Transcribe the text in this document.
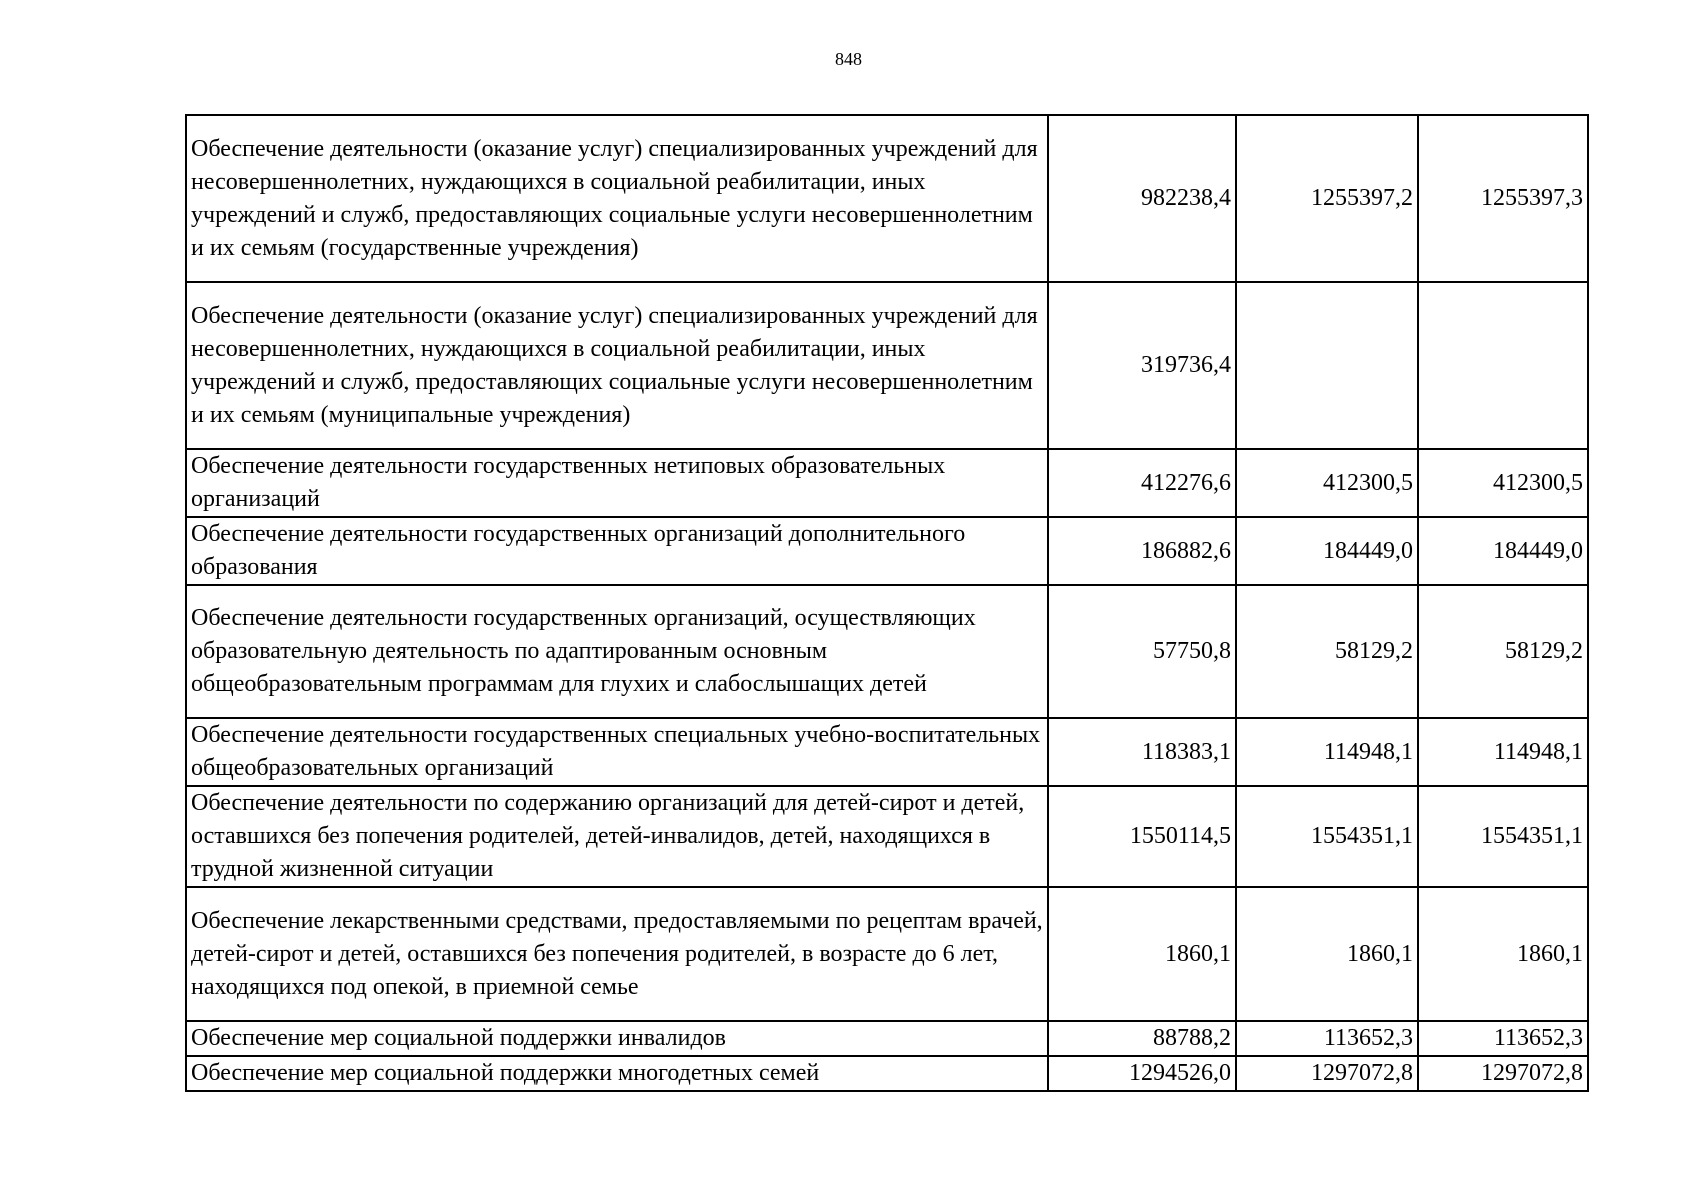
848
Обеспечение деятельности (оказание услуг) специализированных учреждений для несовершеннолетних, нуждающихся в социальной реабилитации, иных учреждений и служб, предоставляющих социальные услуги несовершеннолетним и их семьям (государственные учреждения)	982238,4	1255397,2	1255397,3
Обеспечение деятельности (оказание услуг) специализированных учреждений для несовершеннолетних, нуждающихся в социальной реабилитации, иных учреждений и служб, предоставляющих социальные услуги несовершеннолетним и их семьям (муниципальные учреждения)	319736,4		
Обеспечение деятельности государственных нетиповых образовательных организаций	412276,6	412300,5	412300,5
Обеспечение деятельности государственных организаций дополнительного образования	186882,6	184449,0	184449,0
Обеспечение деятельности государственных организаций, осуществляющих образовательную деятельность по адаптированным основным общеобразовательным программам для глухих и слабослышащих детей	57750,8	58129,2	58129,2
Обеспечение деятельности государственных специальных учебно-воспитательных общеобразовательных организаций	118383,1	114948,1	114948,1
Обеспечение деятельности по содержанию организаций для детей-сирот и детей, оставшихся без попечения родителей, детей-инвалидов, детей, находящихся в трудной жизненной ситуации	1550114,5	1554351,1	1554351,1
Обеспечение лекарственными средствами, предоставляемыми по рецептам врачей, детей-сирот и детей, оставшихся без попечения родителей, в возрасте до 6 лет, находящихся под опекой, в приемной семье	1860,1	1860,1	1860,1
Обеспечение мер социальной поддержки инвалидов	88788,2	113652,3	113652,3
Обеспечение мер социальной поддержки многодетных семей	1294526,0	1297072,8	1297072,8
